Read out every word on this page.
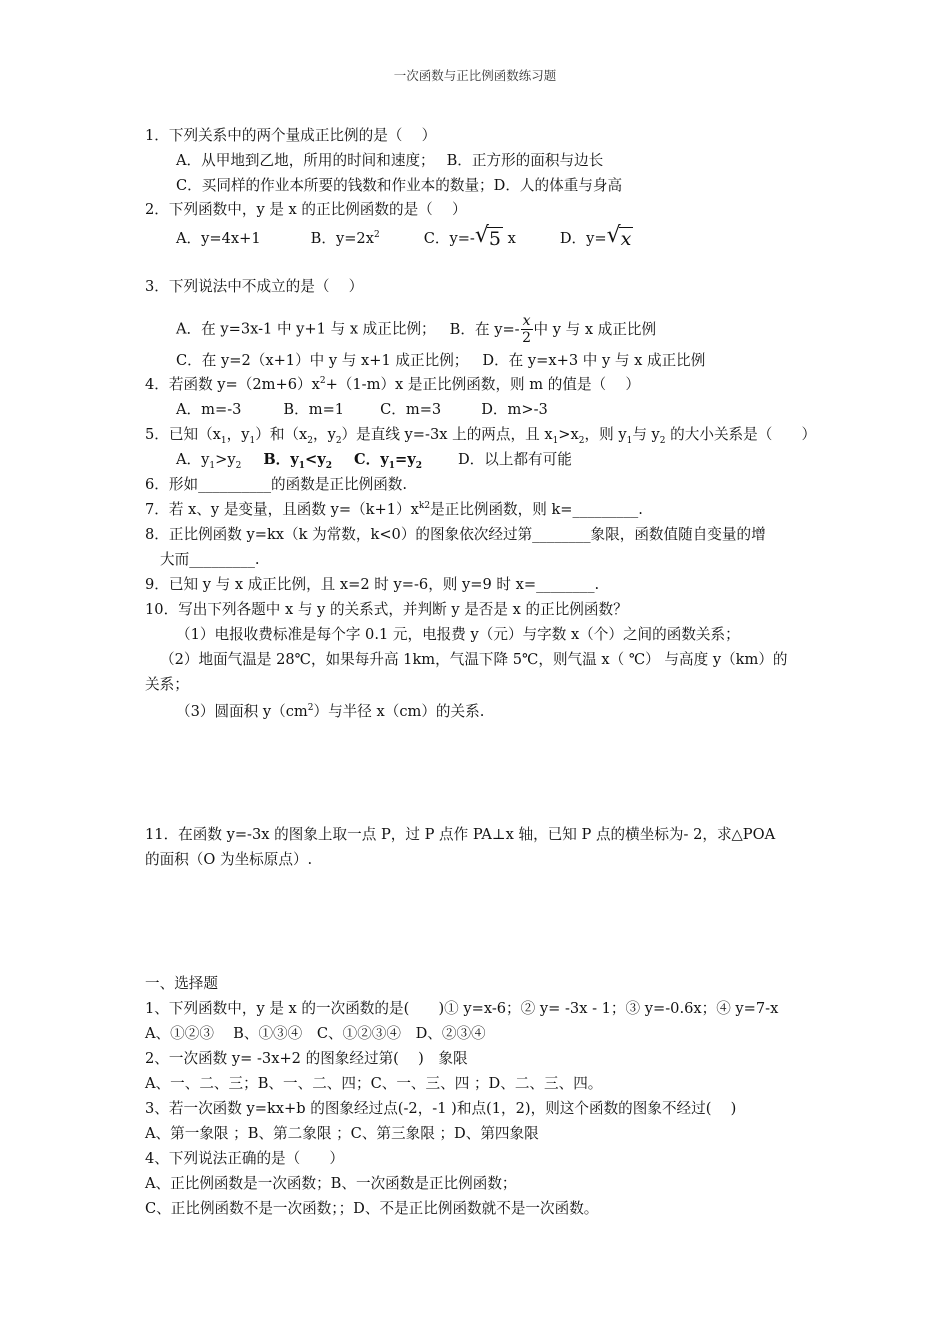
一次函数与正比例函数练习题
1．下列关系中的两个量成正比例的是（　 ）
A．从甲地到乙地，所用的时间和速度；　 B．正方形的面积与边长
C．买同样的作业本所要的钱数和作业本的数量；D．人的体重与身高
2．下列函数中，y 是 x 的正比例函数的是（　 ）
A．y=4x+1	B．$y=2x^2$	C．y=- √ 5 x	D．y= √ x
3．下列说法中不成立的是（　 ）
A．在 y=3x-1 中 y+1 与 x 成正比例； B．在 $y=- \frac{x}{2}$ 中 y 与 x 成正比例
C．在 y=2（x+1）中 y 与 x+1 成正比例； D．在 y=x+3 中 y 与 x 成正比例
4．若函数 $y=(2m+6)x^2+(1-m)x$ 是正比例函数，则 m 的值是（　 ）
A．m=-3	B．m=1 C．m=3	D．m>-3
5．已知（$x_1$，$y_1$）和（$x_2$，$y_2$）是直线 y=-3x 上的两点，且 $x_1>x_2$，则 $y_1$与 $y_2$ 的大小关系是（　　）
A．$y_1>y_2$ B．$y_1<y_2$ C．$y_1=y_2$ D．以上都有可能
6．形如__________的函数是正比例函数.
7．若 x、y 是变量，且函数 $y=(k+1)x^{k2}$是正比例函数，则 k=_________.
8．正比例函数 y=kx（k 为常数，k<0）的图象依次经过第________象限，函数值随自变量的增
大而_________.
9．已知 y 与 x 成正比例，且 x=2 时 y=-6，则 y=9 时 x=________.
10．写出下列各题中 x 与 y 的关系式，并判断 y 是否是 x 的正比例函数？
（1）电报收费标准是每个字 0.1 元，电报费 y（元）与字数 x（个）之间的函数关系；
（2）地面气温是 28℃，如果每升高 1km，气温下降 5℃，则气温 x（ ℃） 与高度 y（km）的
关系；
（3）圆面积 $y(cm^2)$与半径 x（cm）的关系.
11．在函数 y=-3x 的图象上取一点 P，过 P 点作 PA⊥x 轴，已知 P 点的横坐标为- 2，求△POA
的面积（O 为坐标原点）.
一、选择题
1、下列函数中，y 是 x 的一次函数的是(　　)① y=x-6；② y= -3x - 1；③ y=-0.6x；④ y=7-x
A、①②③　 B、①③④　C、①②③④　D、②③④
2、一次函数 y= -3x+2 的图象经过第(　 )　象限
A、一、二、三；B、一、二、四；C、一、三、四 ；D、二、三、四。
3、若一次函数 y=kx+b 的图象经过点(-2，-1 )和点(1，2)，则这个函数的图象不经过(　 )
A、第一象限 ；B、第二象限 ；C、第三象限 ；D、第四象限
4、下列说法正确的是（　　）
A、正比例函数是一次函数；B、一次函数是正比例函数；
C、正比例函数不是一次函数；；D、不是正比例函数就不是一次函数。
